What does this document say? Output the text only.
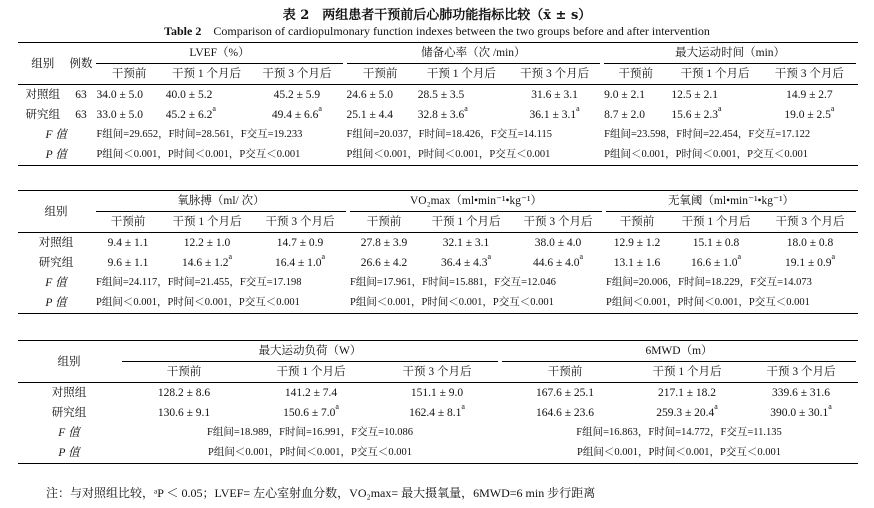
表 2　两组患者干预前后心肺功能指标比较（x̄ ± s）
Table 2　 Comparison of cardiopulmonary function indexes between the two groups before and after intervention
组别	例数	LVEF（%）			储备心率（次 /min）			最大运动时间（min）		
		干预前	干预 1 个月后	干预 3 个月后	干预前	干预 1 个月后	干预 3 个月后	干预前	干预 1 个月后	干预 3 个月后
对照组	63	34.0 ± 5.0	40.0 ± 5.2	45.2 ± 5.9	24.6 ± 5.0	28.5 ± 3.5	31.6 ± 3.1	9.0 ± 2.1	12.5 ± 2.1	14.9 ± 2.7
研究组	63	33.0 ± 5.0	45.2 ± 6.2$^a$	49.4 ± 6.6$^a$	25.1 ± 4.4	32.8 ± 3.6$^a$	36.1 ± 3.1$^a$	8.7 ± 2.0	15.6 ± 2.3$^a$	19.0 ± 2.5$^a$
F 值		F组间=29.652，F时间=28.561，F交互=19.233			F组间=20.037，F时间=18.426，F交互=14.115			F组间=23.598，F时间=22.454，F交互=17.122		
P 值		P组间＜0.001，P时间＜0.001，P交互＜0.001			P组间＜0.001，P时间＜0.001，P交互＜0.001			P组间＜0.001，P时间＜0.001，P交互＜0.001		
组别	氧脉搏（ml/ 次）			VO₂max（ml•min⁻¹•kg⁻¹）			无氧阈（ml•min⁻¹•kg⁻¹）		
	干预前	干预 1 个月后	干预 3 个月后	干预前	干预 1 个月后	干预 3 个月后	干预前	干预 1 个月后	干预 3 个月后
对照组	9.4 ± 1.1	12.2 ± 1.0	14.7 ± 0.9	27.8 ± 3.9	32.1 ± 3.1	38.0 ± 4.0	12.9 ± 1.2	15.1 ± 0.8	18.0 ± 0.8
研究组	9.6 ± 1.1	14.6 ± 1.2$^a$	16.4 ± 1.0$^a$	26.6 ± 4.2	36.4 ± 4.3$^a$	44.6 ± 4.0$^a$	13.1 ± 1.6	16.6 ± 1.0$^a$	19.1 ± 0.9$^a$
F 值	F组间=24.117，F时间=21.455，F交互=17.198			F组间=17.961，F时间=15.881，F交互=12.046			F组间=20.006，F时间=18.229，F交互=14.073		
P 值	P组间＜0.001，P时间＜0.001，P交互＜0.001			P组间＜0.001，P时间＜0.001，P交互＜0.001			P组间＜0.001，P时间＜0.001，P交互＜0.001		
组别	最大运动负荷（W）			6MWD（m）		
	干预前	干预 1 个月后	干预 3 个月后	干预前	干预 1 个月后	干预 3 个月后
对照组	128.2 ± 8.6	141.2 ± 7.4	151.1 ± 9.0	167.6 ± 25.1	217.1 ± 18.2	339.6 ± 31.6
研究组	130.6 ± 9.1	150.6 ± 7.0$^a$	162.4 ± 8.1$^a$	164.6 ± 23.6	259.3 ± 20.4$^a$	390.0 ± 30.1$^a$
F 值	F组间=18.989，F时间=16.991，F交互=10.086			F组间=16.863，F时间=14.772，F交互=11.135		
P 值	P组间＜0.001，P时间＜0.001，P交互＜0.001			P组间＜0.001，P时间＜0.001，P交互＜0.001		
注：与对照组比较，ᵃP ＜ 0.05；LVEF= 左心室射血分数，VO₂max= 最大摄氧量，6MWD=6 min 步行距离
